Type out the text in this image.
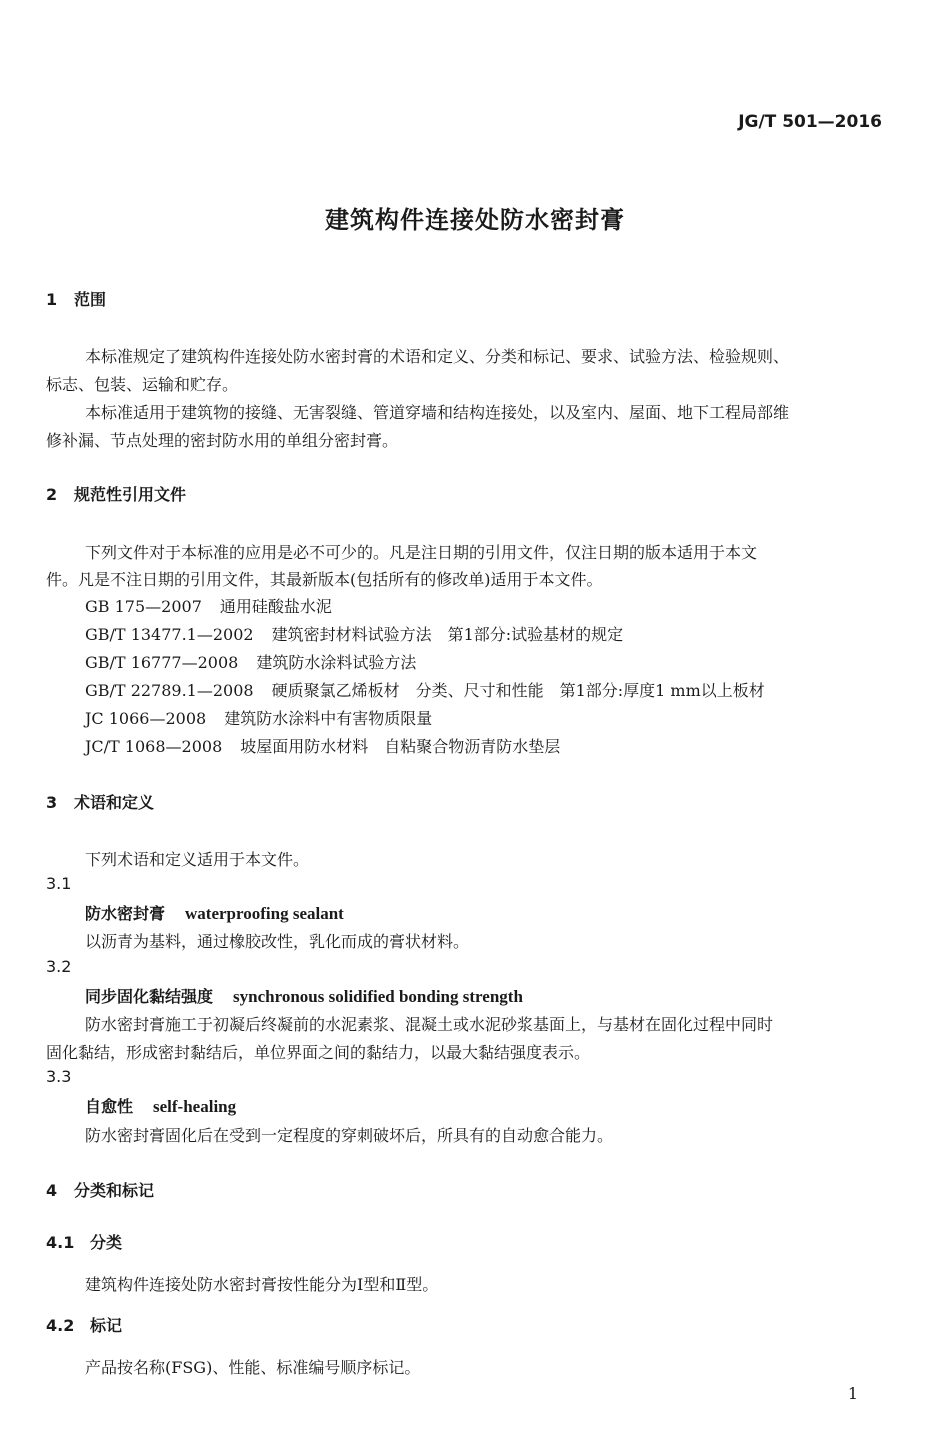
JG/T 501—2016
建筑构件连接处防水密封膏
1 范围
本标准规定了建筑构件连接处防水密封膏的术语和定义、分类和标记、要求、试验方法、检验规则、
标志、包装、运输和贮存。
本标准适用于建筑物的接缝、无害裂缝、管道穿墙和结构连接处，以及室内、屋面、地下工程局部维
修补漏、节点处理的密封防水用的单组分密封膏。
2 规范性引用文件
下列文件对于本标准的应用是必不可少的。凡是注日期的引用文件，仅注日期的版本适用于本文
件。凡是不注日期的引用文件，其最新版本(包括所有的修改单)适用于本文件。
GB 175—2007 通用硅酸盐水泥
GB/T 13477.1—2002 建筑密封材料试验方法　第1部分:试验基材的规定
GB/T 16777—2008 建筑防水涂料试验方法
GB/T 22789.1—2008 硬质聚氯乙烯板材　分类、尺寸和性能　第1部分:厚度1 mm以上板材
JC 1066—2008 建筑防水涂料中有害物质限量
JC/T 1068—2008 坡屋面用防水材料　自粘聚合物沥青防水垫层
3 术语和定义
下列术语和定义适用于本文件。
3.1
防水密封膏 waterproofing sealant
以沥青为基料，通过橡胶改性，乳化而成的膏状材料。
3.2
同步固化黏结强度 synchronous solidified bonding strength
防水密封膏施工于初凝后终凝前的水泥素浆、混凝土或水泥砂浆基面上，与基材在固化过程中同时
固化黏结，形成密封黏结后，单位界面之间的黏结力，以最大黏结强度表示。
3.3
自愈性 self-healing
防水密封膏固化后在受到一定程度的穿刺破坏后，所具有的自动愈合能力。
4 分类和标记
4.1 分类
建筑构件连接处防水密封膏按性能分为Ⅰ型和Ⅱ型。
4.2 标记
产品按名称(FSG)、性能、标准编号顺序标记。
1
